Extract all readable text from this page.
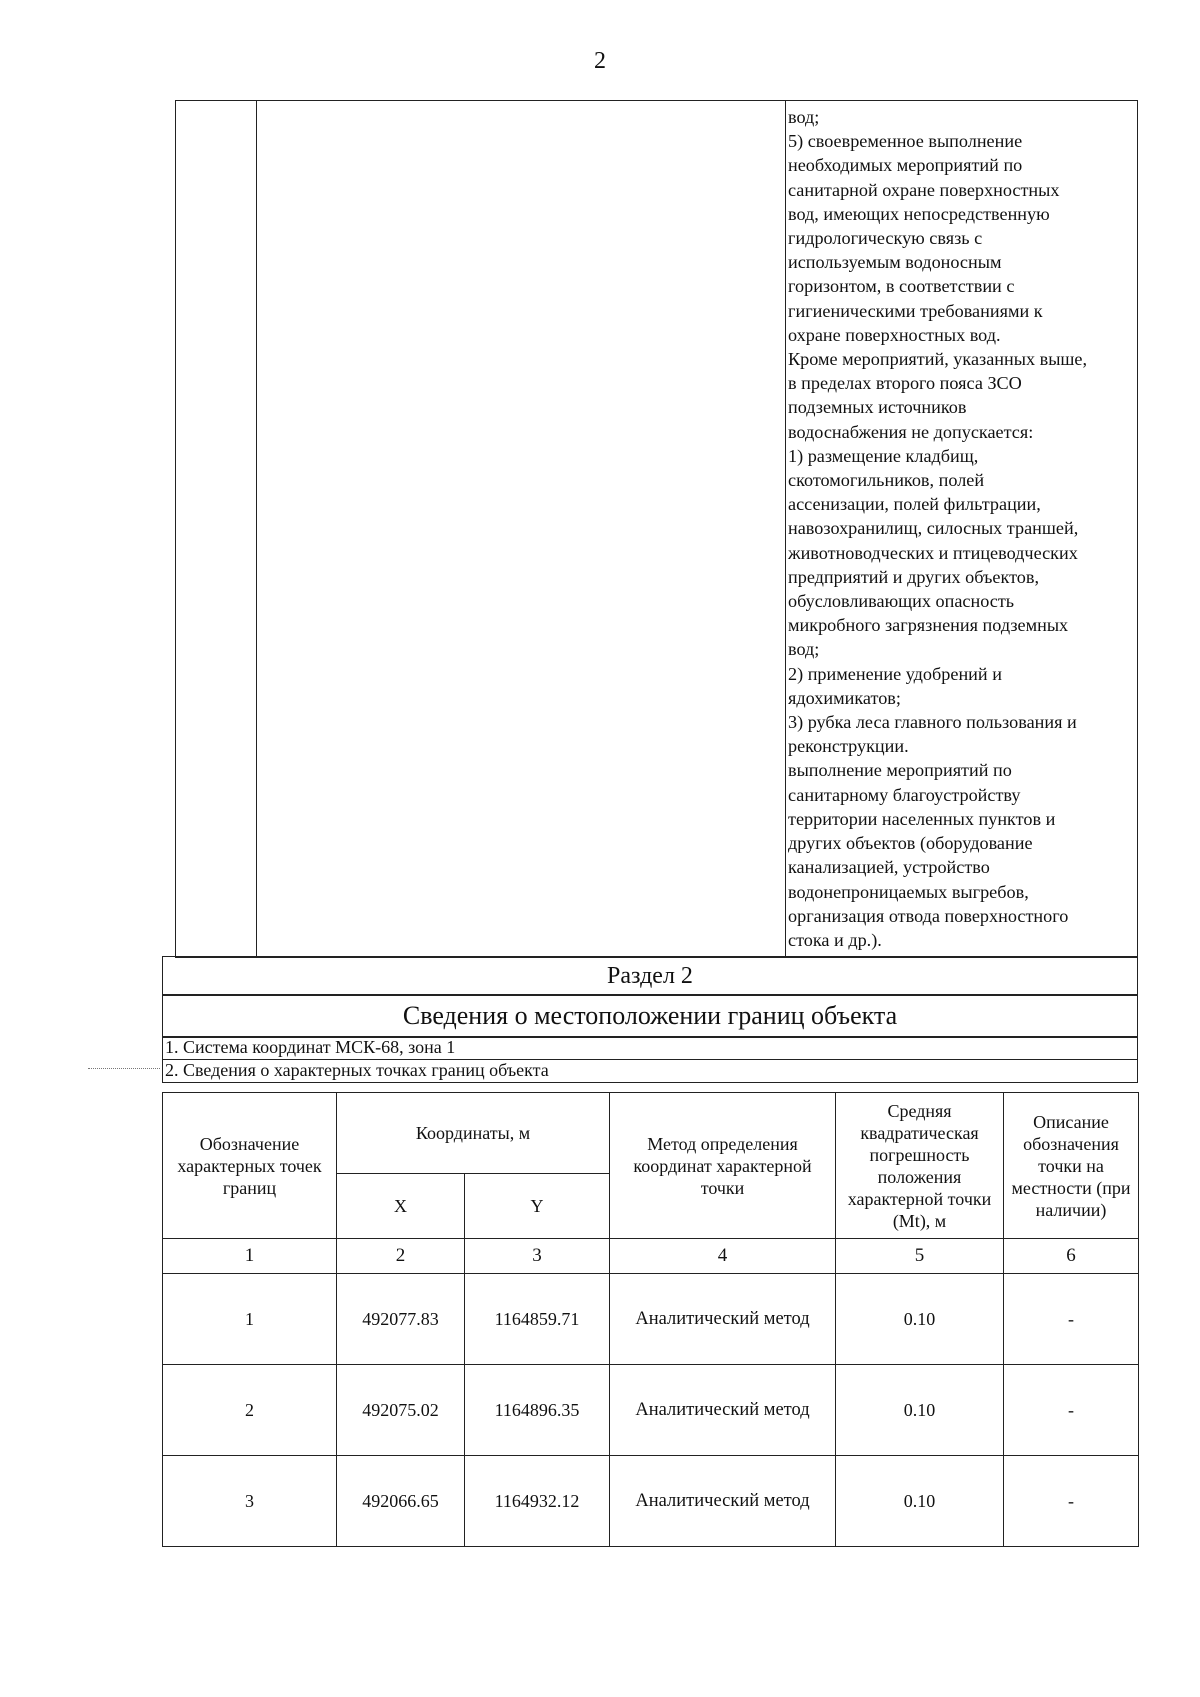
2
вод;
5) своевременное выполнение
необходимых мероприятий по
санитарной охране поверхностных
вод, имеющих непосредственную
гидрологическую связь с
используемым водоносным
горизонтом, в соответствии с
гигиеническими требованиями к
охране поверхностных вод.
Кроме мероприятий, указанных выше,
в пределах второго пояса ЗСО
подземных источников
водоснабжения не допускается:
1) размещение кладбищ,
скотомогильников, полей
ассенизации, полей фильтрации,
навозохранилищ, силосных траншей,
животноводческих и птицеводческих
предприятий и других объектов,
обусловливающих опасность
микробного загрязнения подземных
вод;
2) применение удобрений и
ядохимикатов;
3) рубка леса главного пользования и
реконструкции.
выполнение мероприятий по
санитарному благоустройству
территории населенных пунктов и
других объектов (оборудование
канализацией, устройство
водонепроницаемых выгребов,
организация отвода поверхностного
стока и др.).
Раздел 2
Сведения о местоположении границ объекта
1. Система координат МСК-68, зона 1
2. Сведения о характерных точках границ объекта
Обозначение характерных точек границ	Координаты, м		Метод определения координат характерной точки	Средняя квадратическая погрешность положения характерной точки (Mt), м	Описание обозначения точки на местности (при наличии)
	X	Y			
1	2	3	4	5	6
1	492077.83	1164859.71	Аналитический метод	0.10	-
2	492075.02	1164896.35	Аналитический метод	0.10	-
3	492066.65	1164932.12	Аналитический метод	0.10	-
